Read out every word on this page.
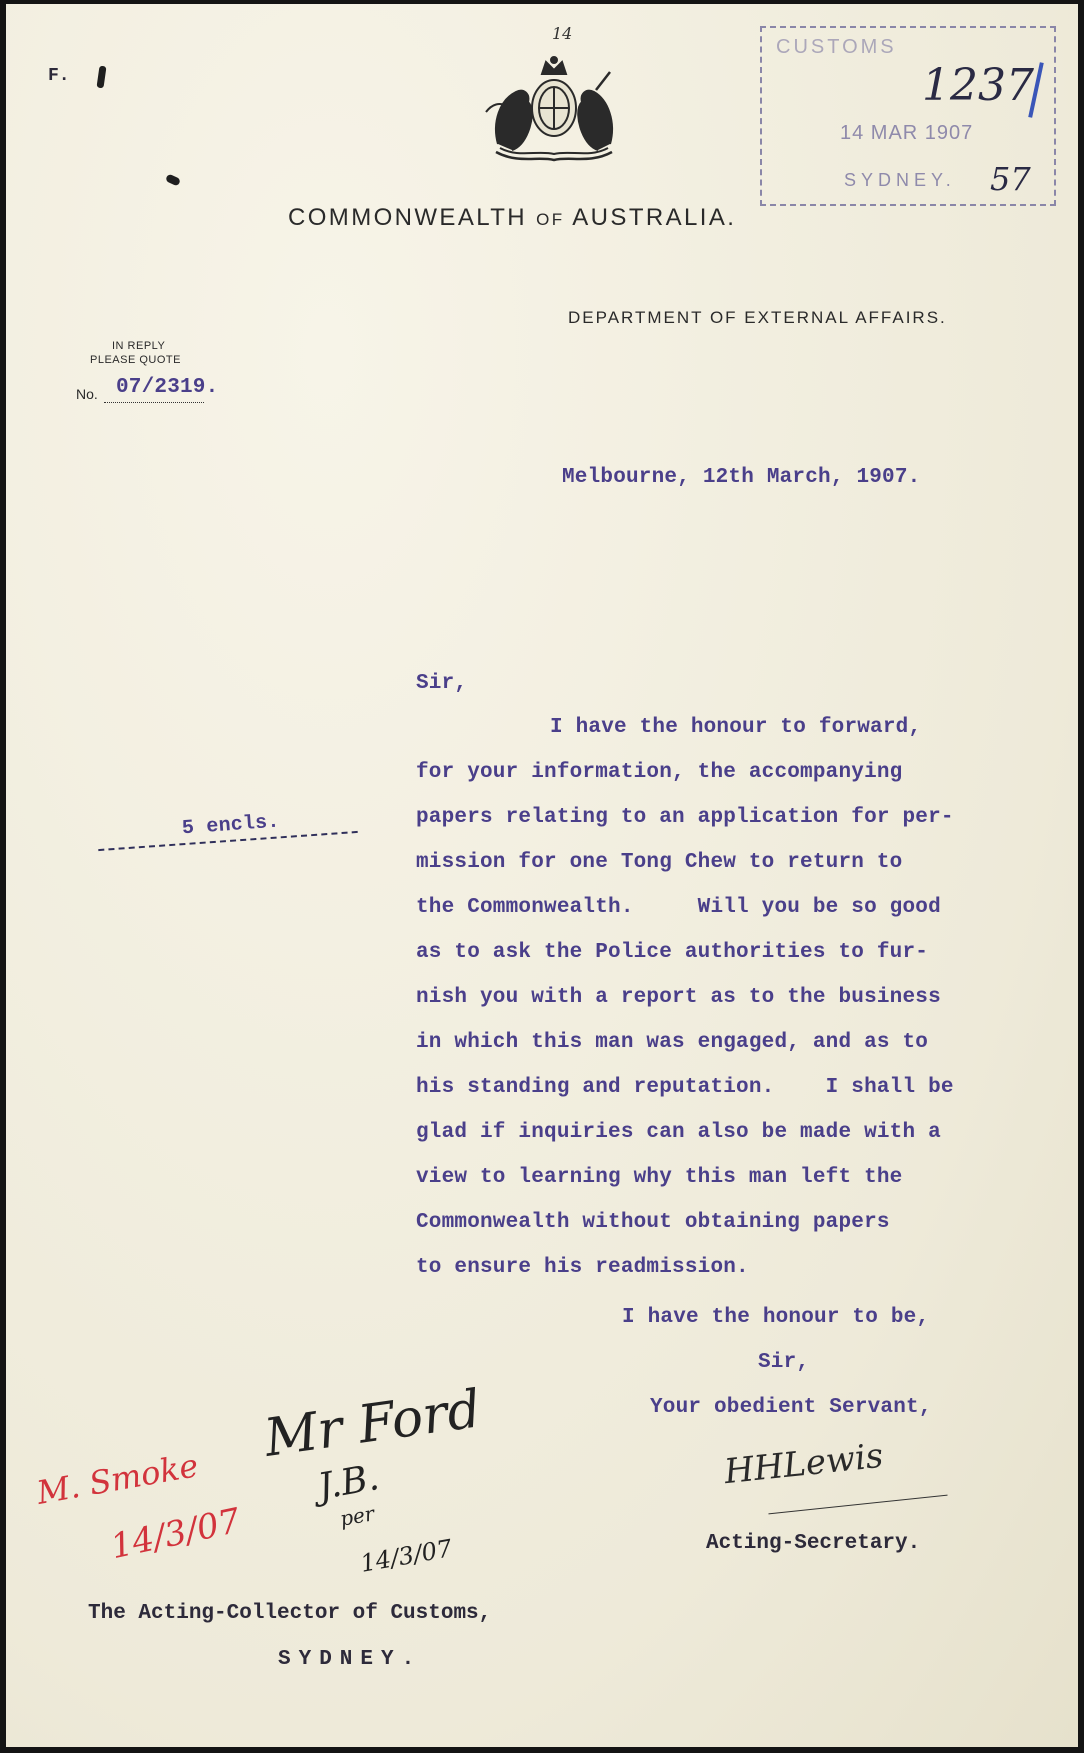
F.
14
COMMONWEALTH OF AUSTRALIA.
CUSTOMS
1237
14 MAR 1907
SYDNEY. 57
DEPARTMENT OF EXTERNAL AFFAIRS.
IN REPLY
PLEASE QUOTE
No. 07/2319.
Melbourne, 12th March, 1907.
Sir,
5 encls.
I have the honour to forward,
for your information, the accompanying
papers relating to an application for per-
mission for one Tong Chew to return to
the Commonwealth.     Will you be so good
as to ask the Police authorities to fur-
nish you with a report as to the business
in which this man was engaged, and as to
his standing and reputation.    I shall be
glad if inquiries can also be made with a
view to learning why this man left the
Commonwealth without obtaining papers
to ensure his readmission.
I have the honour to be,
Sir,
Your obedient Servant,
HHLewis
Acting-Secretary.
Mr Ford
J.B.
per
14/3/07
M. Smoke
14/3/07
The Acting-Collector of Customs,
SYDNEY.
